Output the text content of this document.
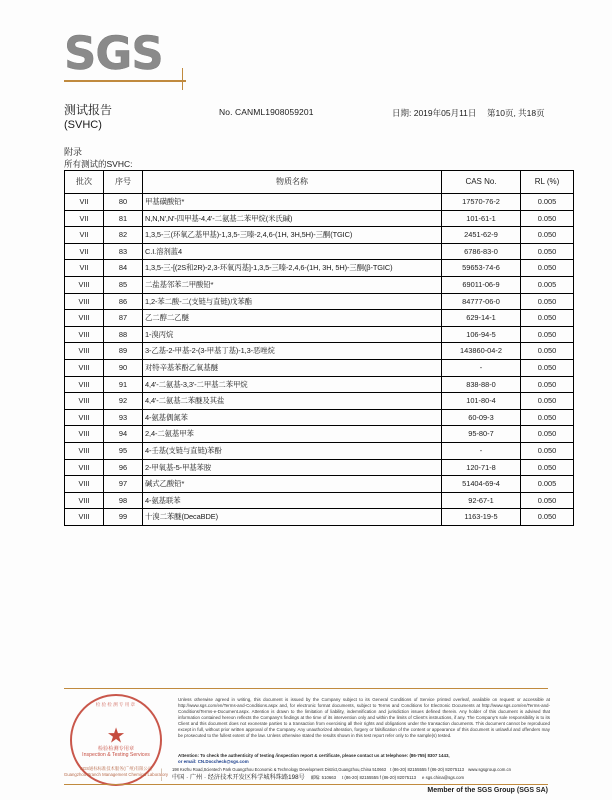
SGS
测试报告
(SVHC)
No. CANML1908059201	日期: 2019年05月11日 第10页, 共18页
附录
所有测试的SVHC:
批次	序号	物质名称	CAS No.	RL (%)
VII	80	甲基磺酸铅*	17570-76-2	0.005
VII	81	N,N,N',N'-四甲基-4,4'-二氨基二苯甲烷(米氏碱)	101-61-1	0.050
VII	82	1,3,5-三(环氧乙基甲基)-1,3,5-三嗪-2,4,6-(1H, 3H,5H)-三酮(TGIC)	2451-62-9	0.050
VII	83	C.I.溶剂蓝4	6786-83-0	0.050
VII	84	1,3,5-三-[(2S和2R)-2,3-环氧丙基]-1,3,5-三嗪-2,4,6-(1H, 3H, 5H)-三酮(β-TGIC)	59653-74-6	0.050
VIII	85	二盐基邻苯二甲酸铅*	69011-06-9	0.005
VIII	86	1,2-苯二酸-二(支链与直链)戊苯酯	84777-06-0	0.050
VIII	87	乙二醇二乙醚	629-14-1	0.050
VIII	88	1-溴丙烷	106-94-5	0.050
VIII	89	3-乙基-2-甲基-2-(3-甲基丁基)-1,3-恶唑烷	143860-04-2	0.050
VIII	90	对特辛基苯酚乙氧基醚	-	0.050
VIII	91	4,4'-二氨基-3,3'-二甲基二苯甲烷	838-88-0	0.050
VIII	92	4,4'-二氨基二苯醚及其盐	101-80-4	0.050
VIII	93	4-氨基偶氮苯	60-09-3	0.050
VIII	94	2,4-二氨基甲苯	95-80-7	0.050
VIII	95	4-壬基(支链与直链)苯酚	-	0.050
VIII	96	2-甲氧基-5-甲基苯胺	120-71-8	0.050
VIII	97	碱式乙酸铅*	51404-69-4	0.005
VIII	98	4-氨基联苯	92-67-1	0.050
VIII	99	十溴二苯醚(DecaBDE)	1163-19-5	0.050
检验检测专用章
★
检验检测专用章
Inspection & Testing Services
SGS通标标准技术服务(广州)有限公司
Guangzhou Branch Management Chemical Laboratory
Unless otherwise agreed in writing, this document is issued by the Company subject to its General Conditions of Service printed overleaf, available on request or accessible at http://www.sgs.com/en/Terms-and-Conditions.aspx and, for electronic format documents, subject to Terms and Conditions for Electronic Documents at http://www.sgs.com/en/Terms-and-Conditions/Terms-e-Document.aspx. Attention is drawn to the limitation of liability, indemnification and jurisdiction issues defined therein. Any holder of this document is advised that information contained hereon reflects the Company's findings at the time of its intervention only and within the limits of Client's instructions, if any. The Company's sole responsibility is to its Client and this document does not exonerate parties to a transaction from exercising all their rights and obligations under the transaction documents. This document cannot be reproduced except in full, without prior written approval of the Company. Any unauthorized alteration, forgery or falsification of the content or appearance of this document is unlawful and offenders may be prosecuted to the fullest extent of the law. Unless otherwise stated the results shown in this test report refer only to the sample(s) tested.
Attention: To check the authenticity of testing /inspection report & certificate, please contact us at telephone: (86-755) 8307 1443,
or email: CN.Doccheck@sgs.com
|
|
198 Kezhu Road,Scientech Park Guangzhou Economic & Technology Development District,Guangzhou,China 510663 t (86-20) 82155555 f (86-20) 82075113 www.sgsgroup.com.cn
中国 · 广州 · 经济技术开发区科学城科珠路198号 邮编: 510663 t (86-20) 82155555 f (86-20) 82075113 e sgs.china@sgs.com
Member of the SGS Group (SGS SA)
